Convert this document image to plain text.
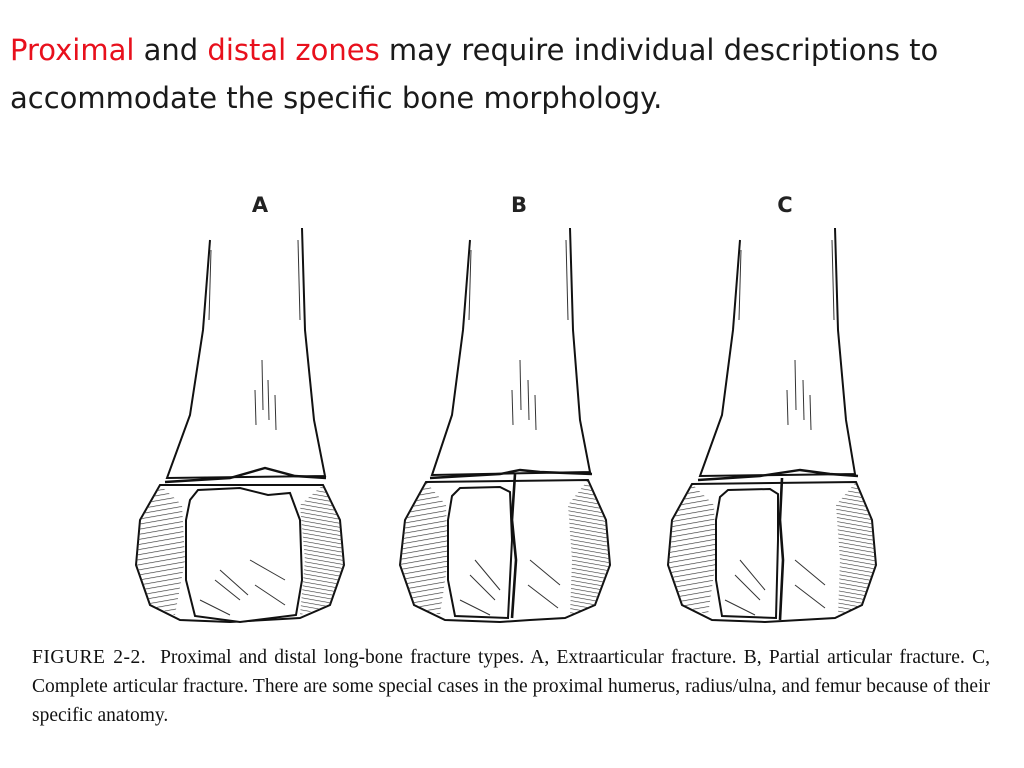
Proximal and distal zones may require individual descriptions to accommodate the specific bone morphology.
A	B	C

FIGURE 2-2. Proximal and distal long-bone fracture types. A, Extraarticular fracture. B, Partial articular fracture. C, Complete articular fracture. There are some special cases in the proximal humerus, radius/ulna, and femur because of their specific anatomy.
